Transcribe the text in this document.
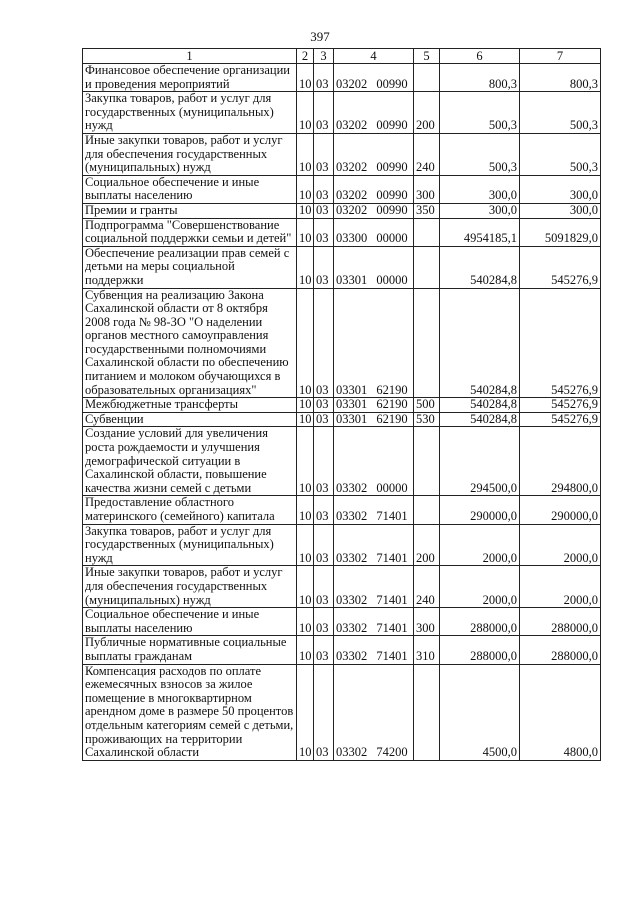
397
1	2	3	4	5	6	7
Финансовое обеспечение организации и проведения мероприятий	10	03	03202 00990		800,3	800,3
Закупка товаров, работ и услуг для государственных (муниципальных) нужд	10	03	03202 00990	200	500,3	500,3
Иные закупки товаров, работ и услуг для обеспечения государственных (муниципальных) нужд	10	03	03202 00990	240	500,3	500,3
Социальное обеспечение и иные выплаты населению	10	03	03202 00990	300	300,0	300,0
Премии и гранты	10	03	03202 00990	350	300,0	300,0
Подпрограмма "Совершенствование социальной поддержки семьи и детей"	10	03	03300 00000		4954185,1	5091829,0
Обеспечение реализации прав семей с детьми на меры социальной поддержки	10	03	03301 00000		540284,8	545276,9
Субвенция на реализацию Закона Сахалинской области от 8 октября 2008 года № 98-ЗО "О наделении органов местного самоуправления государственными полномочиями Сахалинской области по обеспечению питанием и молоком обучающихся в образовательных организациях"	10	03	03301 62190		540284,8	545276,9
Межбюджетные трансферты	10	03	03301 62190	500	540284,8	545276,9
Субвенции	10	03	03301 62190	530	540284,8	545276,9
Создание условий для увеличения роста рождаемости и улучшения демографической ситуации в Сахалинской области, повышение качества жизни семей с детьми	10	03	03302 00000		294500,0	294800,0
Предоставление областного материнского (семейного) капитала	10	03	03302 71401		290000,0	290000,0
Закупка товаров, работ и услуг для государственных (муниципальных) нужд	10	03	03302 71401	200	2000,0	2000,0
Иные закупки товаров, работ и услуг для обеспечения государственных (муниципальных) нужд	10	03	03302 71401	240	2000,0	2000,0
Социальное обеспечение и иные выплаты населению	10	03	03302 71401	300	288000,0	288000,0
Публичные нормативные социальные выплаты гражданам	10	03	03302 71401	310	288000,0	288000,0
Компенсация расходов по оплате ежемесячных взносов за жилое помещение в многоквартирном арендном доме в размере 50 процентов отдельным категориям семей с детьми, проживающих на территории Сахалинской области	10	03	03302 74200		4500,0	4800,0
